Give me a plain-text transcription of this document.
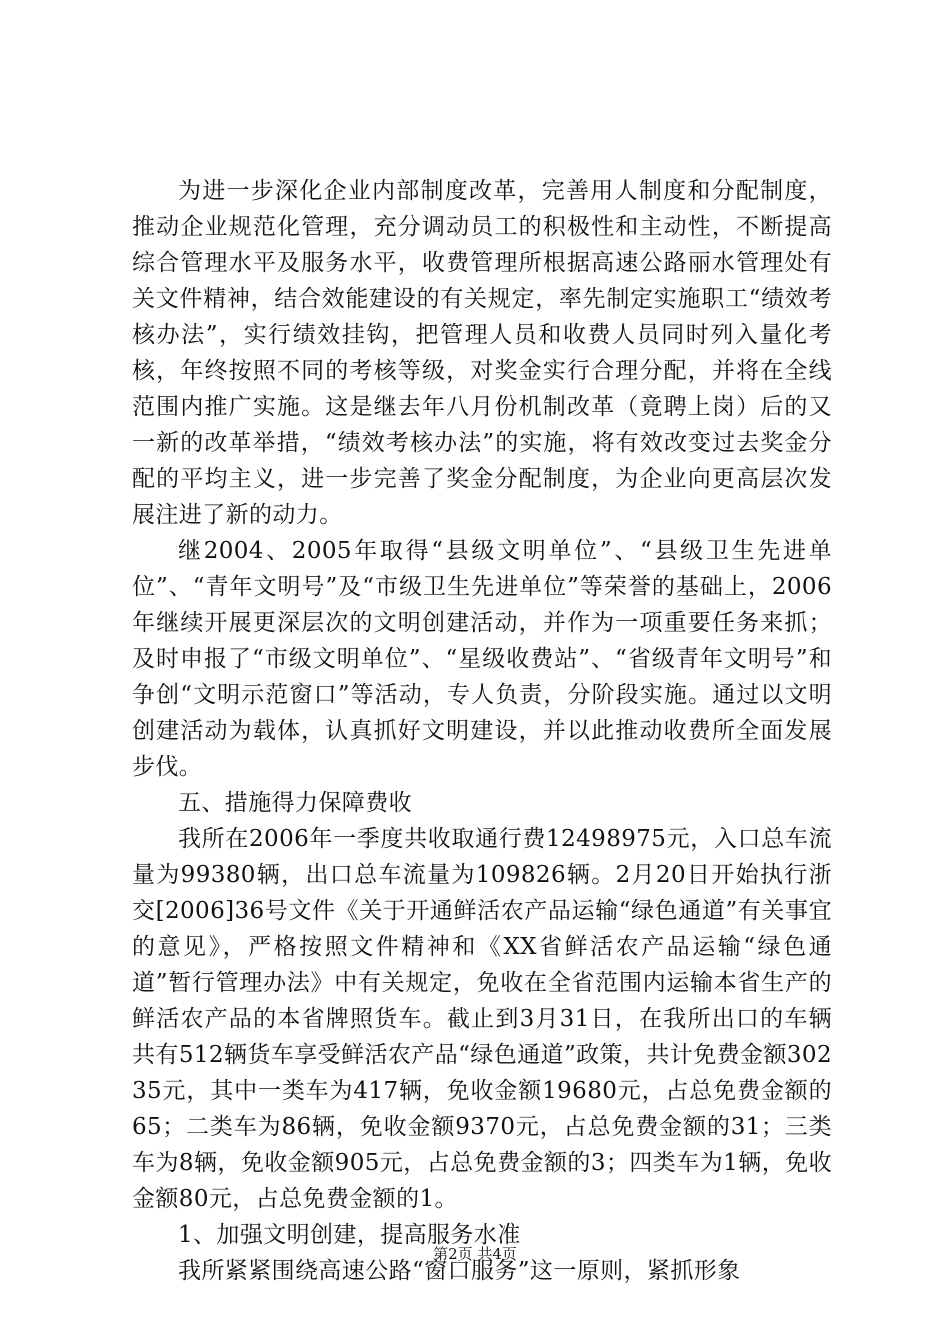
为进一步深化企业内部制度改革，完善用人制度和分配制度，推动企业规范化管理，充分调动员工的积极性和主动性，不断提高综合管理水平及服务水平，收费管理所根据高速公路丽水管理处有关文件精神，结合效能建设的有关规定，率先制定实施职工“绩效考核办法”，实行绩效挂钩，把管理人员和收费人员同时列入量化考核，年终按照不同的考核等级，对奖金实行合理分配，并将在全线范围内推广实施。这是继去年八月份机制改革（竟聘上岗）后的又一新的改革举措，“绩效考核办法”的实施，将有效改变过去奖金分配的平均主义，进一步完善了奖金分配制度，为企业向更高层次发展注进了新的动力。

继2004、2005年取得“县级文明单位”、“县级卫生先进单位”、“青年文明号”及“市级卫生先进单位”等荣誉的基础上，2006年继续开展更深层次的文明创建活动，并作为一项重要任务来抓；及时申报了“市级文明单位”、“星级收费站”、“省级青年文明号”和争创“文明示范窗口”等活动，专人负责，分阶段实施。通过以文明创建活动为载体，认真抓好文明建设，并以此推动收费所全面发展步伐。

五、措施得力保障费收

我所在2006年一季度共收取通行费12498975元，入口总车流量为99380辆，出口总车流量为109826辆。2月20日开始执行浙交[2006]36号文件《关于开通鲜活农产品运输“绿色通道”有关事宜的意见》，严格按照文件精神和《XX省鲜活农产品运输“绿色通道”暂行管理办法》中有关规定，免收在全省范围内运输本省生产的鲜活农产品的本省牌照货车。截止到3月31日，在我所出口的车辆共有512辆货车享受鲜活农产品“绿色通道”政策，共计免费金额30235元，其中一类车为417辆，免收金额19680元，占总免费金额的65；二类车为86辆，免收金额9370元，占总免费金额的31；三类车为8辆，免收金额905元，占总免费金额的3；四类车为1辆，免收金额80元，占总免费金额的1。

1、加强文明创建，提高服务水准

我所紧紧围绕高速公路“窗口服务”这一原则，紧抓形象

第2页 共4页
